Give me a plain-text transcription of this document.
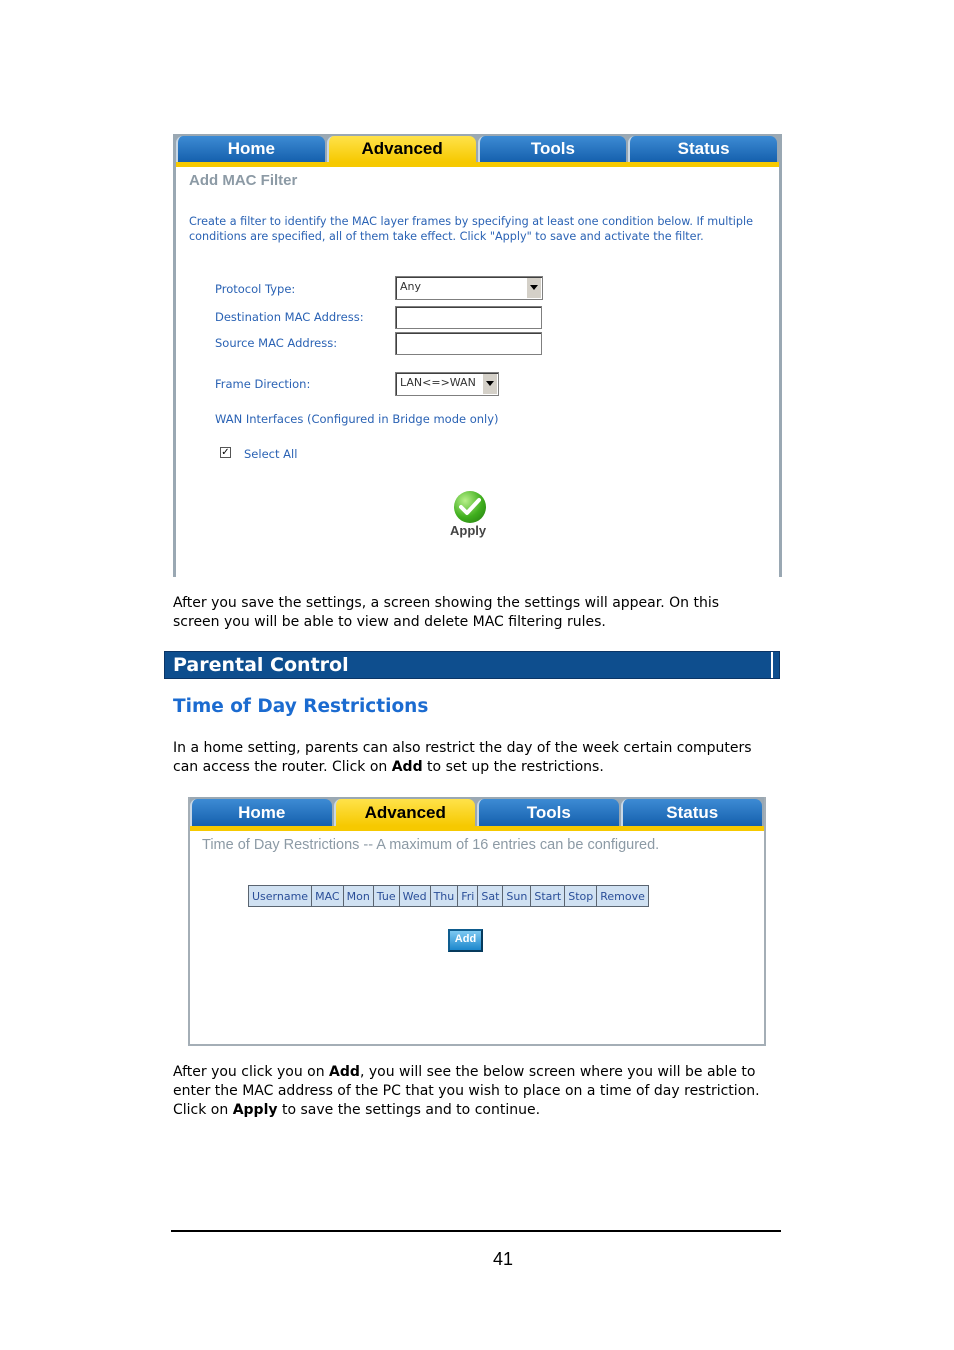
Home	Advanced	Tools	Status
Add MAC Filter
Create a filter to identify the MAC layer frames by specifying at least one condition below. If multiple conditions are specified, all of them take effect. Click "Apply" to save and activate the filter.
Protocol Type:	Any
Destination MAC Address:
Source MAC Address:
Frame Direction:	LAN<=>WAN
WAN Interfaces (Configured in Bridge mode only)
✓ Select All
Apply
After you save the settings, a screen showing the settings will appear. On this
screen you will be able to view and delete MAC filtering rules.
Parental Control
Time of Day Restrictions
In a home setting, parents can also restrict the day of the week certain computers
can access the router. Click on Add to set up the restrictions.
Home	Advanced	Tools	Status
Time of Day Restrictions -- A maximum of 16 entries can be configured.
Username	MAC	Mon	Tue	Wed	Thu	Fri	Sat	Sun	Start	Stop	Remove
Add
After you click you on Add, you will see the below screen where you will be able to
enter the MAC address of the PC that you wish to place on a time of day restriction.
Click on Apply to save the settings and to continue.
41
